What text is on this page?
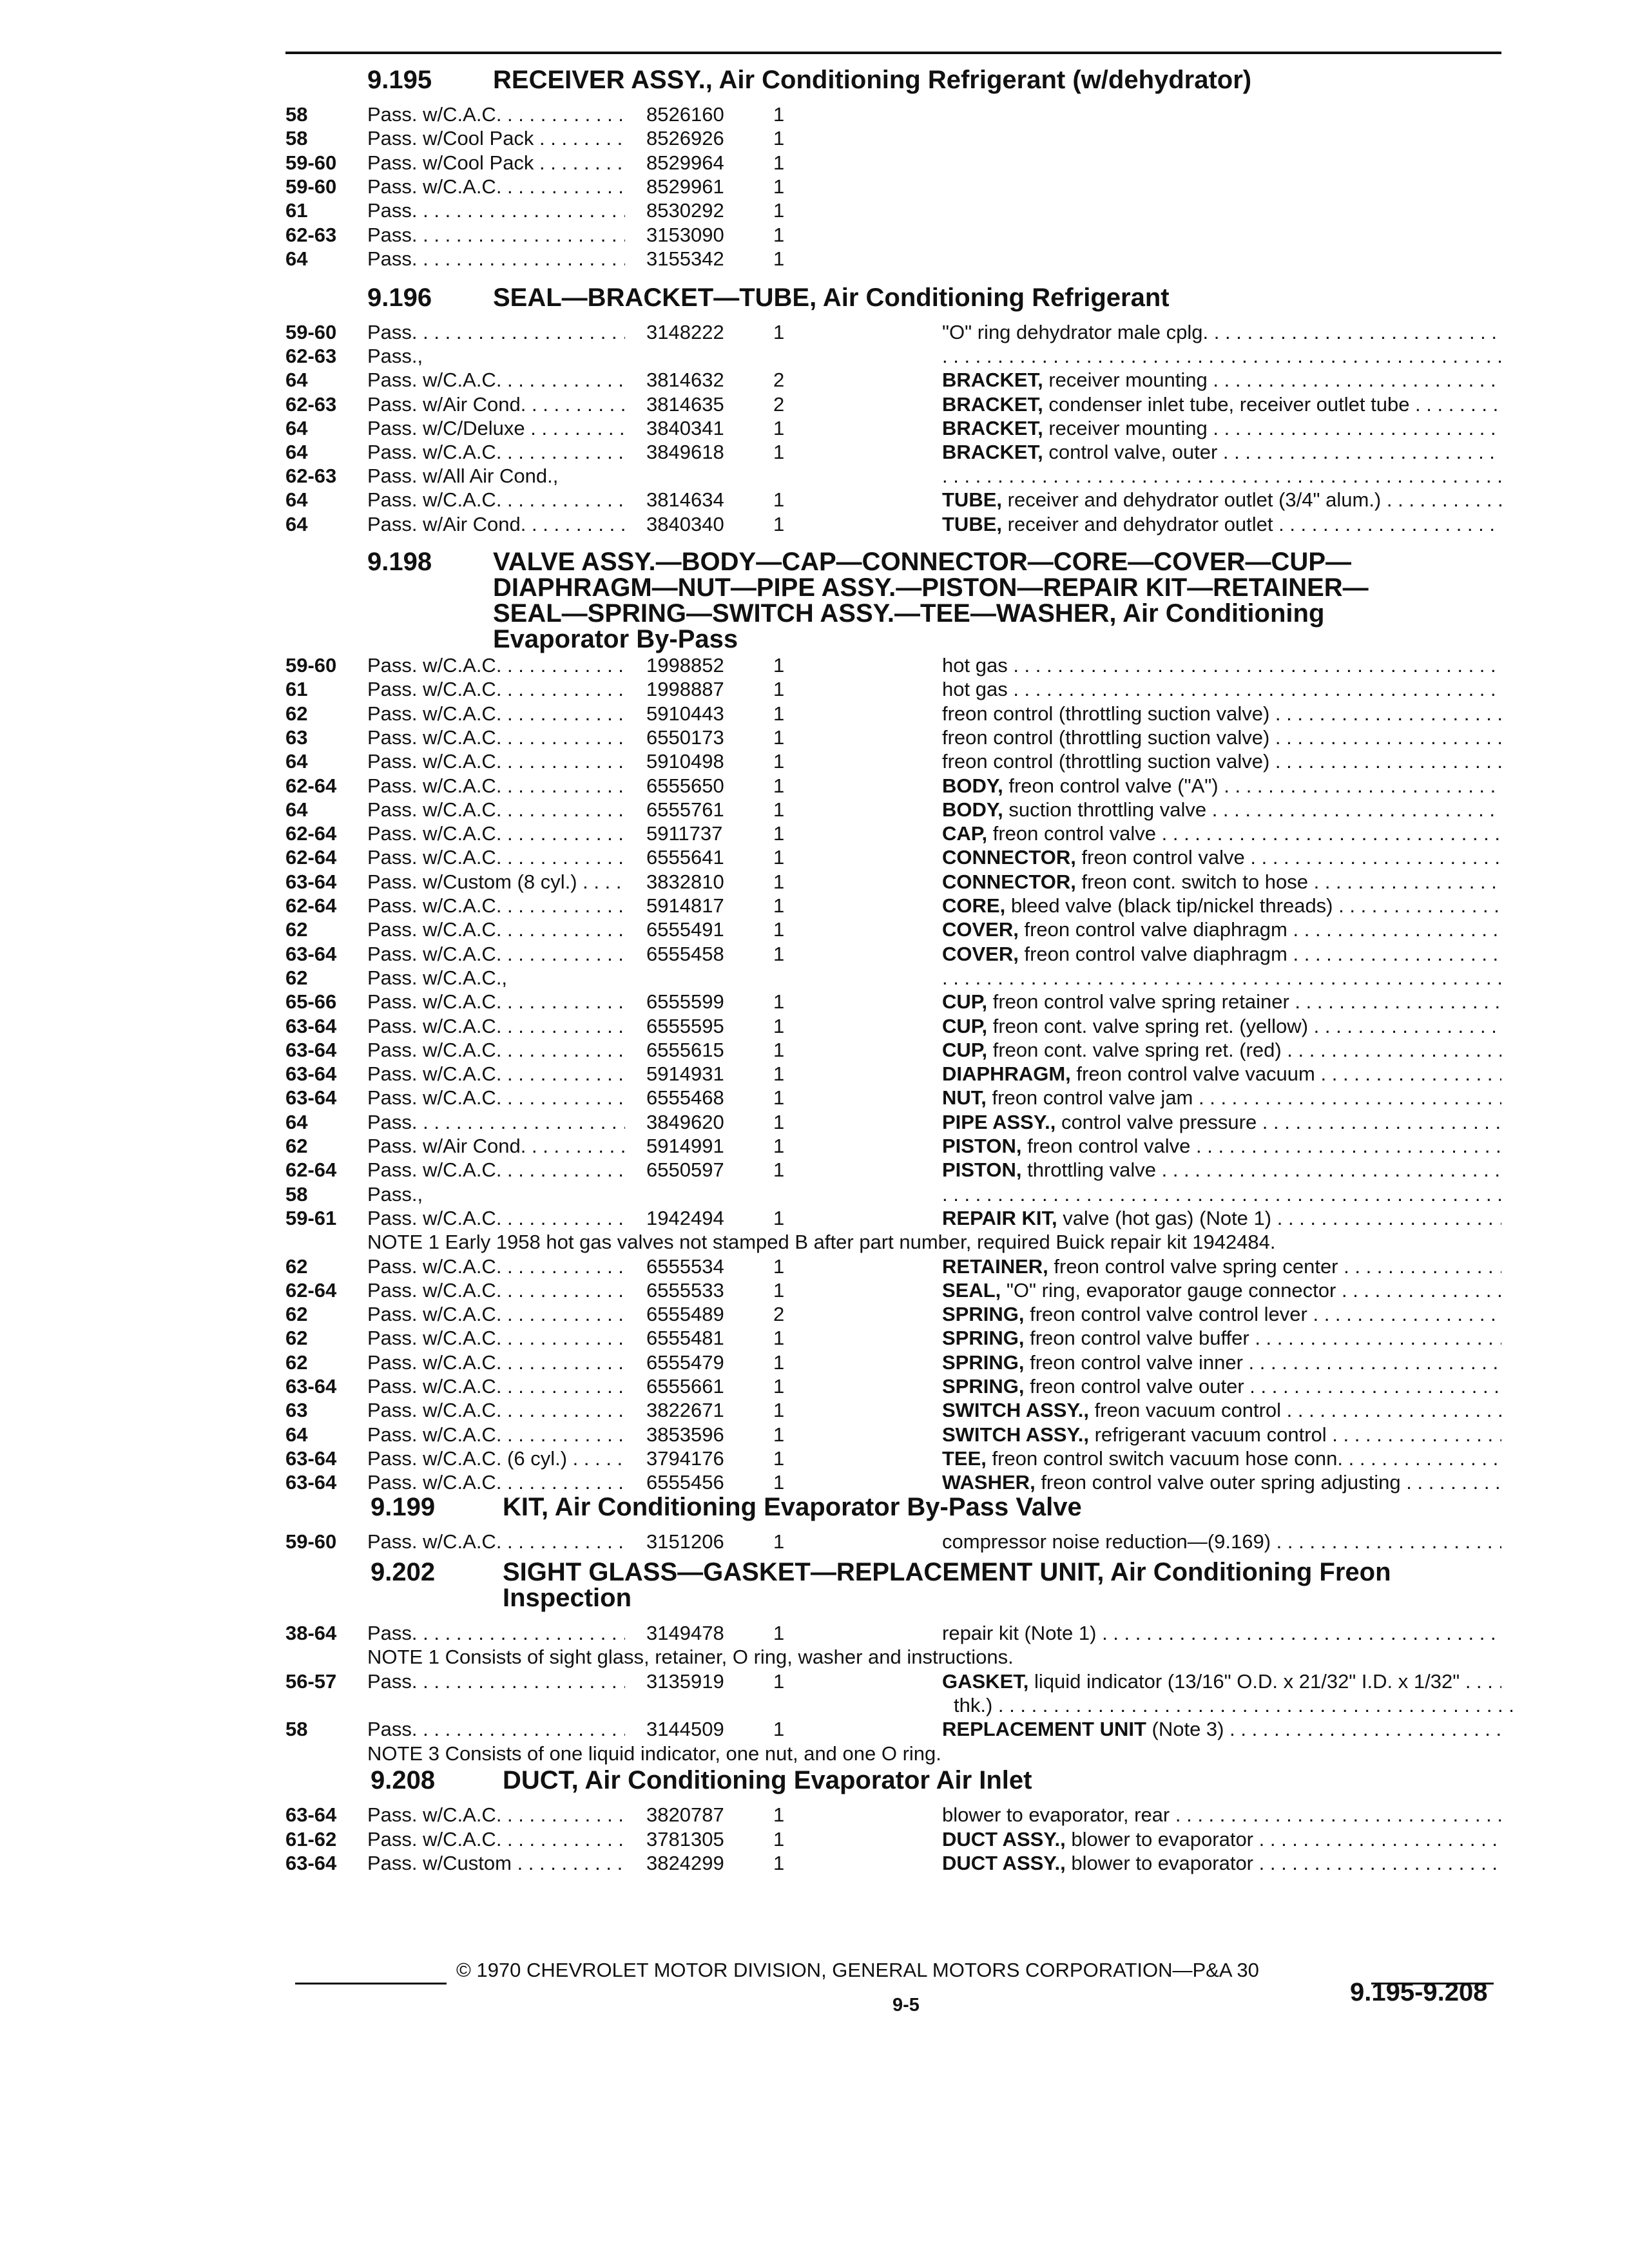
9.195 RECEIVER ASSY., Air Conditioning Refrigerant (w/dehydrator)
58	Pass. w/C.A.C. . . .	8526160 1
58	Pass. w/Cool Pack . . .	8526926 1
59-60 Pass. w/Cool Pack . . .	8529964 1
59-60 Pass. w/C.A.C. . . .	8529961 1
61	Pass. . . .	8530292 1
62-63 Pass. . . .	3153090 1
64	Pass. . . .	3155342 1
9.196 SEAL—BRACKET—TUBE, Air Conditioning Refrigerant
59-60 Pass. . . .	3148222 1	"O" ring dehydrator male cplg. . . .
62-63 Pass.,
. . .
64	Pass. w/C.A.C. . . .	3814632 2	BRACKET, receiver mounting . . .
62-63 Pass. w/Air Cond. . . .	3814635 2	BRACKET, condenser inlet tube, receiver outlet tube . . .
64	Pass. w/C/Deluxe . . .	3840341 1	BRACKET, receiver mounting . . .
64	Pass. w/C.A.C. . . .	3849618 1	BRACKET, control valve, outer . . .
62-63 Pass. w/All Air Cond.,
. . .
64	Pass. w/C.A.C. . . .	3814634 1	TUBE, receiver and dehydrator outlet (3/4" alum.) . . .
64	Pass. w/Air Cond. . . .	3840340 1	TUBE, receiver and dehydrator outlet . . .
9.198 VALVE ASSY.—BODY—CAP—CONNECTOR—CORE—COVER—CUP—
DIAPHRAGM—NUT—PIPE ASSY.—PISTON—REPAIR KIT—RETAINER—
SEAL—SPRING—SWITCH ASSY.—TEE—WASHER, Air Conditioning
Evaporator By-Pass
59-60 Pass. w/C.A.C. . . .	1998852 1	hot gas . . .
61	Pass. w/C.A.C. . . .	1998887 1	hot gas . . .
62	Pass. w/C.A.C. . . .	5910443 1	freon control (throttling suction valve) . . .
63	Pass. w/C.A.C. . . .	6550173 1	freon control (throttling suction valve) . . .
64	Pass. w/C.A.C. . . .	5910498 1	freon control (throttling suction valve) . . .
62-64 Pass. w/C.A.C. . . .	6555650 1	BODY, freon control valve ("A") . . .
64	Pass. w/C.A.C. . . .	6555761 1	BODY, suction throttling valve . . .
62-64 Pass. w/C.A.C. . . .	5911737	1	CAP, freon control valve . . .
62-64 Pass. w/C.A.C. . . .	6555641 1	CONNECTOR, freon control valve . . .
63-64 Pass. w/Custom (8 cyl.) . . .	3832810 1	CONNECTOR, freon cont. switch to hose . . .
62-64 Pass. w/C.A.C. . . .	5914817 1	CORE, bleed valve (black tip/nickel threads) . . .
62	Pass. w/C.A.C. . . .	6555491 1	COVER, freon control valve diaphragm . . .
63-64 Pass. w/C.A.C. . . .	6555458 1	COVER, freon control valve diaphragm . . .
62	Pass. w/C.A.C.,
. . .
65-66 Pass. w/C.A.C. . . .	6555599 1	CUP, freon control valve spring retainer . . .
63-64 Pass. w/C.A.C. . . .	6555595 1	CUP, freon cont. valve spring ret. (yellow) . . .
63-64 Pass. w/C.A.C. . . .	6555615 1	CUP, freon cont. valve spring ret. (red) . . .
63-64 Pass. w/C.A.C. . . .	5914931 1	DIAPHRAGM, freon control valve vacuum . . .
63-64 Pass. w/C.A.C. . . .	6555468 1	NUT, freon control valve jam . . .
64	Pass. . . .	3849620 1	PIPE ASSY., control valve pressure . . .
62	Pass. w/Air Cond. . . .	5914991 1	PISTON, freon control valve . . .
62-64 Pass. w/C.A.C. . . .	6550597 1	PISTON, throttling valve . . .
58	Pass.,
. . .
59-61 Pass. w/C.A.C. . . .	1942494 1	REPAIR KIT, valve (hot gas) (Note 1) . . .
NOTE 1 Early 1958 hot gas valves not stamped B after part number, required Buick repair kit 1942484.
62	Pass. w/C.A.C. . . .	6555534 1	RETAINER, freon control valve spring center . . .
62-64 Pass. w/C.A.C. . . .	6555533 1	SEAL, "O" ring, evaporator gauge connector . . .
62	Pass. w/C.A.C. . . .	6555489 2	SPRING, freon control valve control lever . . .
62	Pass. w/C.A.C. . . .	6555481 1	SPRING, freon control valve buffer . . .
62	Pass. w/C.A.C. . . .	6555479 1	SPRING, freon control valve inner . . .
63-64 Pass. w/C.A.C. . . .	6555661 1	SPRING, freon control valve outer . . .
63	Pass. w/C.A.C. . . .	3822671 1	SWITCH ASSY., freon vacuum control . . .
64	Pass. w/C.A.C. . . .	3853596 1	SWITCH ASSY., refrigerant vacuum control . . .
63-64 Pass. w/C.A.C. (6 cyl.) . . .	3794176 1	TEE, freon control switch vacuum hose conn. . . .
63-64 Pass. w/C.A.C. . . .	6555456 1	WASHER, freon control valve outer spring adjusting . . .
9.199	KIT, Air Conditioning Evaporator By-Pass Valve
59-60 Pass. w/C.A.C. . . .	3151206 1	compressor noise reduction—(9.169) . . .
9.202	SIGHT GLASS—GASKET—REPLACEMENT UNIT, Air Conditioning Freon
Inspection
38-64 Pass. . . .	3149478 1	repair kit (Note 1) . . .
NOTE 1 Consists of sight glass, retainer, O ring, washer and instructions.
56-57 Pass. . . .	3135919 1	GASKET, liquid indicator (13/16" O.D. x 21/32" I.D. x 1/32" . . .
thk.) . . .
58	Pass. . . .	3144509 1	REPLACEMENT UNIT (Note 3) . . .
NOTE 3 Consists of one liquid indicator, one nut, and one O ring.
9.208	DUCT, Air Conditioning Evaporator Air Inlet
63-64 Pass. w/C.A.C. . . .	3820787 1	blower to evaporator, rear . . .
61-62 Pass. w/C.A.C. . . .	3781305 1	DUCT ASSY., blower to evaporator . . .
63-64 Pass. w/Custom . . .	3824299 1	DUCT ASSY., blower to evaporator . . .
© 1970 CHEVROLET MOTOR DIVISION, GENERAL MOTORS CORPORATION—P&A 30
9-5	9.195-9.208
